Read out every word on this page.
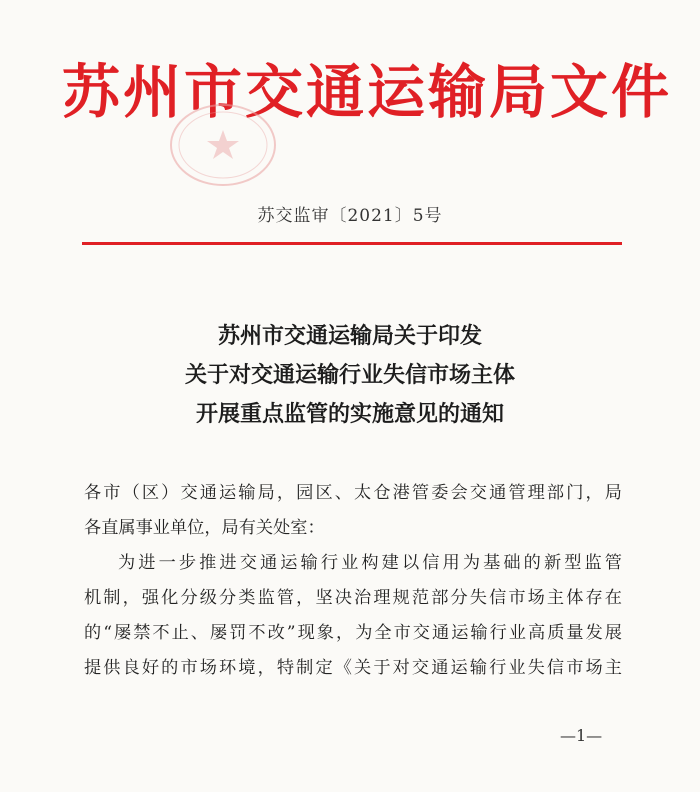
苏州市交通运输局文件
苏交监审〔2021〕5号
苏州市交通运输局关于印发
关于对交通运输行业失信市场主体
开展重点监管的实施意见的通知

各市（区）交通运输局，园区、太仓港管委会交通管理部门，局

各直属事业单位，局有关处室：

为进一步推进交通运输行业构建以信用为基础的新型监管

机制，强化分级分类监管，坚决治理规范部分失信市场主体存在

的“屡禁不止、屡罚不改”现象，为全市交通运输行业高质量发展

提供良好的市场环境，特制定《关于对交通运输行业失信市场主

—1—
